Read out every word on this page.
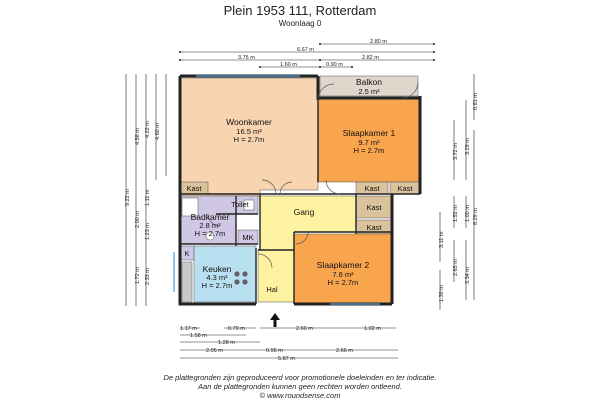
Plein 1953 111, Rotterdam
Woonlaag 0
2.80 m
6.67 m
3.75 m	2.82 m
1.60 m	0.90 m
9.22 m
4.58 m
2.00 m
1.72 m
4.22 m
1.11 m
1.23 m
2.33 m
4.60 m
0.91 m
3.72 m 3.29 m
8.29 m
1.52 m 1.00 m
3.11 m
2.65 m 3.34 m
1.39 m
1.17 m	0.79 m	2.60 m	1.02 m
1.58 m
1.28 m
2.05 m	0.96 m	2.66 m
5.87 m
Woonkamer
16.5 m²
H = 2.7m
Balkon
2.5 m²
Slaapkamer 1
9.7 m²
H = 2.7m
Kast	Kast Kast
Kast
Kast
Gang
Toilet
Badkamer
2.8 m²
H = 2.7m MK
K
Keuken
4.3 m²
H = 2.7m	Hal
Slaapkamer 2
7.6 m²
H = 2.7m
De plattegronden zijn geproduceerd voor promotionele doeleinden en ter indicatie.
Aan de plattegronden kunnen geen rechten worden ontleend.
© www.roundsense.com
